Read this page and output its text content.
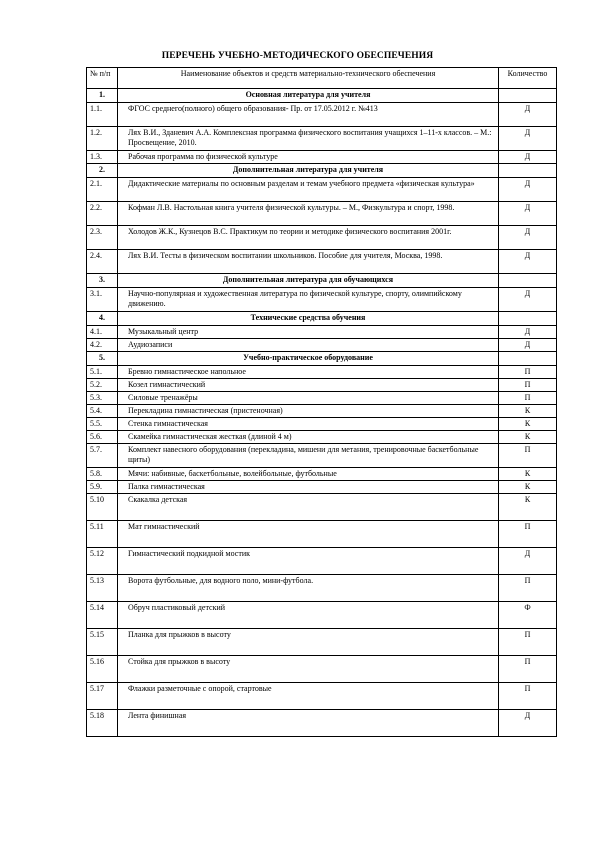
ПЕРЕЧЕНЬ УЧЕБНО-МЕТОДИЧЕСКОГО ОБЕСПЕЧЕНИЯ
№ п/п	Наименование объектов и средств материально-технического обеспечения	Количество
1.	Основная литература для учителя	
1.1.	ФГОС среднего(полного) общего образования- Пр. от 17.05.2012 г. №413	Д
1.2.	Лях В.И., Зданевич А.А. Комплексная программа физического воспитания учащихся 1–11-х классов. – М.: Просвещение, 2010.	Д
1.3.	Рабочая программа по физической культуре	Д
2.	Дополнительная литература для учителя	
2.1.	Дидактические материалы по основным разделам и темам учебного предмета «физическая культура»	Д
2.2.	Кофман Л.В. Настольная книга учителя физической культуры. – М., Физкультура и спорт, 1998.	Д
2.3.	Холодов Ж.К., Кузнецов В.С. Практикум по теории и методике физического воспитания 2001г.	Д
2.4.	Лях В.И. Тесты в физическом воспитании школьников. Пособие для учителя, Москва, 1998.	Д
3.	Дополнительная литература для обучающихся	
3.1.	Научно-популярная и художественная литература по физической культуре, спорту, олимпийскому движению.	Д
4.	Технические средства обучения	
4.1.	Музыкальный центр	Д
4.2.	Аудиозаписи	Д
5.	Учебно-практическое оборудование	
5.1.	Бревно гимнастическое напольное	П
5.2.	Козел гимнастический	П
5.3.	Силовые тренажёры	П
5.4.	Перекладина гимнастическая (пристеночная)	К
5.5.	Стенка гимнастическая	К
5.6.	Скамейка гимнастическая жесткая (длиной 4 м)	К
5.7.	Комплект навесного оборудования (перекладина, мишени для метания, тренировочные баскетбольные щиты)	П
5.8.	Мячи: набивные, баскетбольные, волейбольные, футбольные	К
5.9.	Палка гимнастическая	К
5.10	Скакалка детская	К
5.11	Мат гимнастический	П
5.12	Гимнастический подкидной мостик	Д
5.13	Ворота футбольные, для водного поло, мини-футбола.	П
5.14	Обруч пластиковый детский	Ф
5.15	Планка для прыжков в высоту	П
5.16	Стойка для прыжков в высоту	П
5.17	Флажки разметочные с опорой, стартовые	П
5.18	Лента финишная	Д
